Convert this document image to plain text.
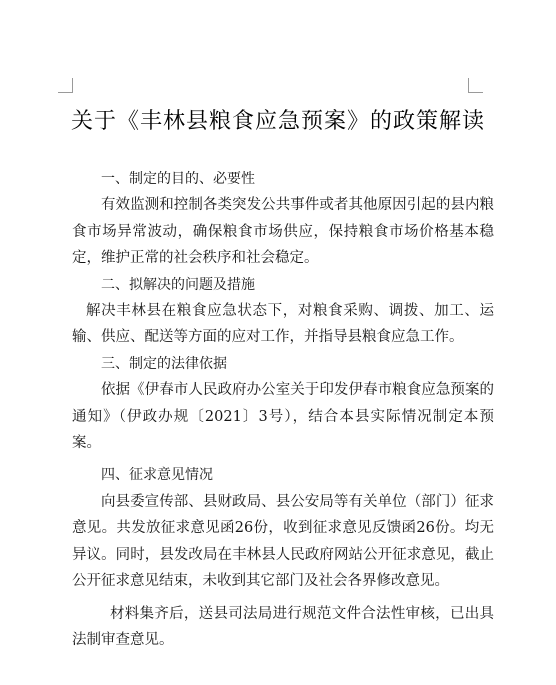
关于《丰林县粮食应急预案》的政策解读

一、制定的目的、必要性

有效监测和控制各类突发公共事件或者其他原因引起的县内粮食市场异常波动，确保粮食市场供应，保持粮食市场价格基本稳定，维护正常的社会秩序和社会稳定。

二、拟解决的问题及措施

解决丰林县在粮食应急状态下，对粮食采购、调拨、加工、运输、供应、配送等方面的应对工作，并指导县粮食应急工作。

三、制定的法律依据

依据《伊春市人民政府办公室关于印发伊春市粮食应急预案的通知》（伊政办规〔2021〕3号），结合本县实际情况制定本预案。

四、征求意见情况

向县委宣传部、县财政局、县公安局等有关单位（部门）征求意见。共发放征求意见函26份，收到征求意见反馈函26份。均无异议。同时，县发改局在丰林县人民政府网站公开征求意见，截止公开征求意见结束，未收到其它部门及社会各界修改意见。

材料集齐后，送县司法局进行规范文件合法性审核，已出具法制审查意见。
